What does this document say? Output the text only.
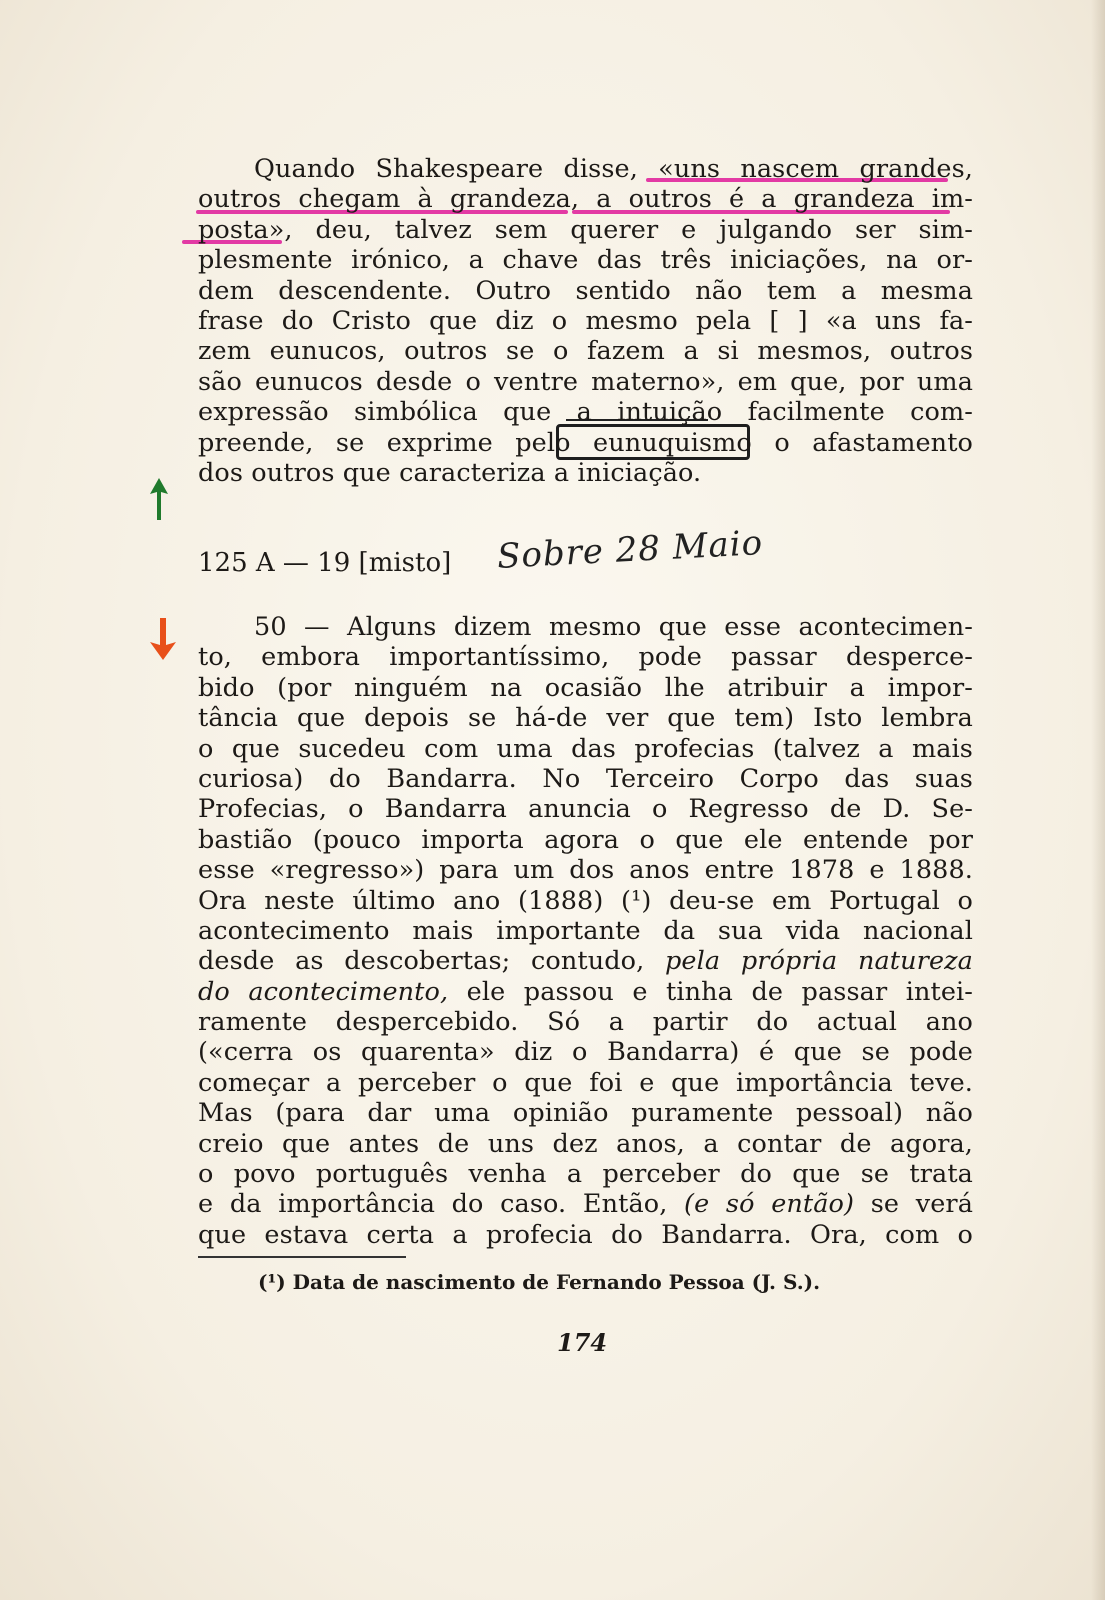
Quando Shakespeare disse, «uns nascem grandes,
outros chegam à grandeza, a outros é a grandeza im-
posta», deu, talvez sem querer e julgando ser sim-
plesmente irónico, a chave das três iniciações, na or-
dem descendente. Outro sentido não tem a mesma
frase do Cristo que diz o mesmo pela [ ] «a uns fa-
zem eunucos, outros se o fazem a si mesmos, outros
são eunucos desde o ventre materno», em que, por uma
expressão simbólica que a intuição facilmente com-
preende, se exprime pelo eunuquismo o afastamento
dos outros que caracteriza a iniciação.
125 A — 19 [misto] Sobre 28 Maio
50 — Alguns dizem mesmo que esse acontecimen-
to, embora importantíssimo, pode passar desperce-
bido (por ninguém na ocasião lhe atribuir a impor-
tância que depois se há-de ver que tem) Isto lembra
o que sucedeu com uma das profecias (talvez a mais
curiosa) do Bandarra. No Terceiro Corpo das suas
Profecias, o Bandarra anuncia o Regresso de D. Se-
bastião (pouco importa agora o que ele entende por
esse «regresso») para um dos anos entre 1878 e 1888.
Ora neste último ano (1888) (¹) deu-se em Portugal o
acontecimento mais importante da sua vida nacional
desde as descobertas; contudo, pela própria natureza
do acontecimento, ele passou e tinha de passar intei-
ramente despercebido. Só a partir do actual ano
(«cerra os quarenta» diz o Bandarra) é que se pode
começar a perceber o que foi e que importância teve.
Mas (para dar uma opinião puramente pessoal) não
creio que antes de uns dez anos, a contar de agora,
o povo português venha a perceber do que se trata
e da importância do caso. Então, (e só então) se verá
que estava certa a profecia do Bandarra. Ora, com o
(¹) Data de nascimento de Fernando Pessoa (J. S.).
174
